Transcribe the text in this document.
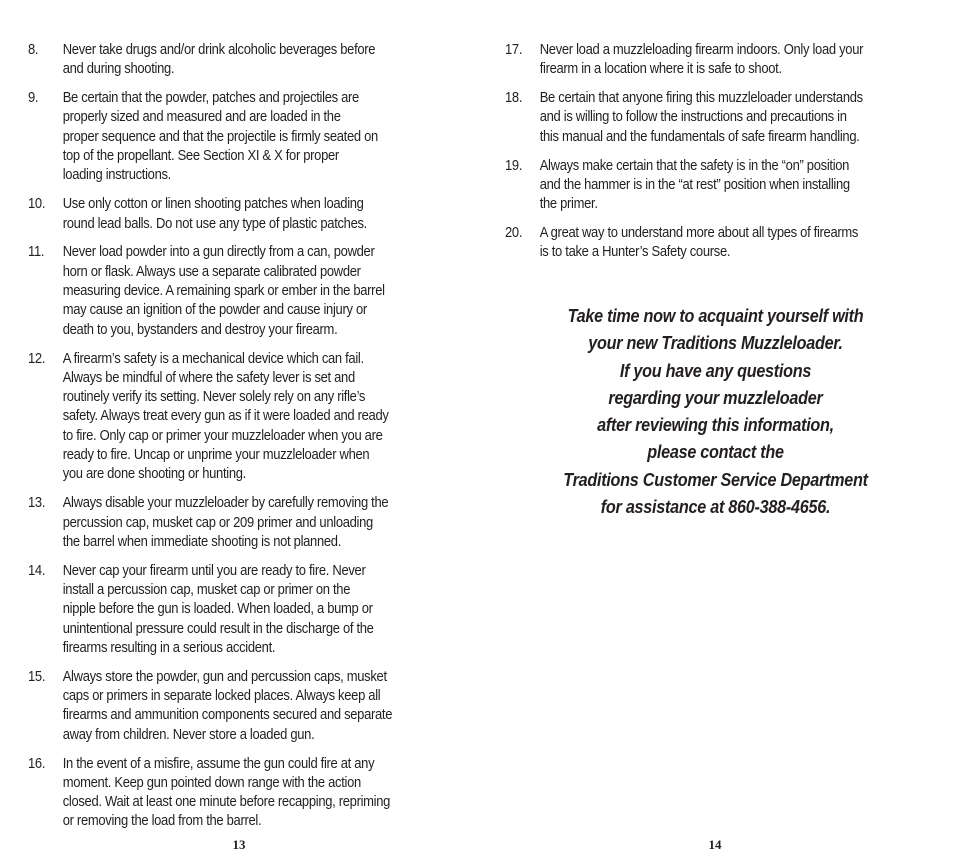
8.	Never take drugs and/or drink alcoholic beverages before
and during shooting.
9.	Be certain that the powder, patches and projectiles are
properly sized and measured and are loaded in the
proper sequence and that the projectile is firmly seated on
top of the propellant. See Section XI & X for proper
loading instructions.
10.	Use only cotton or linen shooting patches when loading
round lead balls. Do not use any type of plastic patches.
11.	Never load powder into a gun directly from a can, powder
horn or flask. Always use a separate calibrated powder
measuring device. A remaining spark or ember in the barrel
may cause an ignition of the powder and cause injury or
death to you, bystanders and destroy your firearm.
12.	A firearm’s safety is a mechanical device which can fail.
Always be mindful of where the safety lever is set and
routinely verify its setting. Never solely rely on any rifle’s
safety. Always treat every gun as if it were loaded and ready
to fire. Only cap or primer your muzzleloader when you are
ready to fire. Uncap or unprime your muzzleloader when
you are done shooting or hunting.
13.	Always disable your muzzleloader by carefully removing the
percussion cap, musket cap or 209 primer and unloading
the barrel when immediate shooting is not planned.
14.	Never cap your firearm until you are ready to fire. Never
install a percussion cap, musket cap or primer on the
nipple before the gun is loaded. When loaded, a bump or
unintentional pressure could result in the discharge of the
firearms resulting in a serious accident.
15.	Always store the powder, gun and percussion caps, musket
caps or primers in separate locked places. Always keep all
firearms and ammunition components secured and separate
away from children. Never store a loaded gun.
16.	In the event of a misfire, assume the gun could fire at any
moment. Keep gun pointed down range with the action
closed. Wait at least one minute before recapping, repriming
or removing the load from the barrel.
13
17.	Never load a muzzleloading firearm indoors. Only load your
firearm in a location where it is safe to shoot.
18.	Be certain that anyone firing this muzzleloader understands
and is willing to follow the instructions and precautions in
this manual and the fundamentals of safe firearm handling.
19.	Always make certain that the safety is in the “on” position
and the hammer is in the “at rest” position when installing
the primer.
20.	A great way to understand more about all types of firearms
is to take a Hunter’s Safety course.
Take time now to acquaint yourself with
your new Traditions Muzzleloader.
If you have any questions
regarding your muzzleloader
after reviewing this information,
please contact the
Traditions Customer Service Department
for assistance at 860-388-4656.
14
